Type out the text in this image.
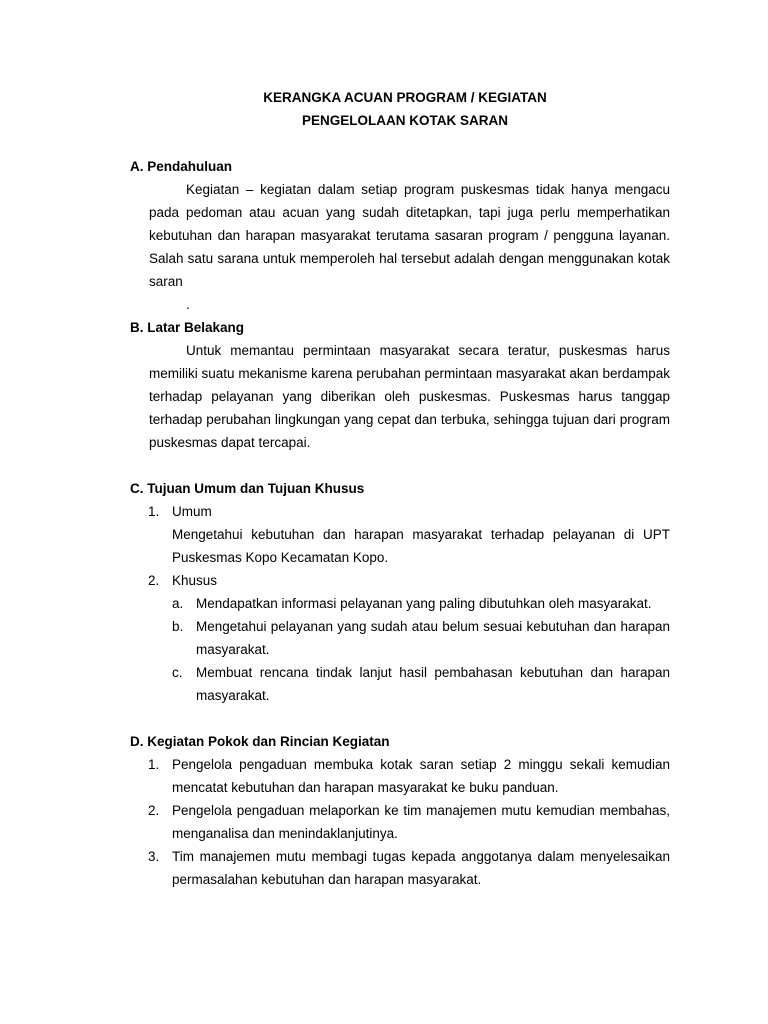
KERANGKA ACUAN PROGRAM / KEGIATAN

PENGELOLAAN KOTAK SARAN

A. Pendahuluan

Kegiatan – kegiatan dalam setiap program puskesmas tidak hanya mengacu pada pedoman atau acuan yang sudah ditetapkan, tapi juga perlu memperhatikan kebutuhan dan harapan masyarakat terutama sasaran program / pengguna layanan. Salah satu sarana untuk memperoleh hal tersebut adalah dengan menggunakan kotak saran

.

B. Latar Belakang

Untuk memantau permintaan masyarakat secara teratur, puskesmas harus memiliki suatu mekanisme karena perubahan permintaan masyarakat akan berdampak terhadap pelayanan yang diberikan oleh puskesmas. Puskesmas harus tanggap terhadap perubahan lingkungan yang cepat dan terbuka, sehingga tujuan dari program puskesmas dapat tercapai.

C. Tujuan Umum dan Tujuan Khusus

1. Umum

Mengetahui kebutuhan dan harapan masyarakat terhadap pelayanan di UPT Puskesmas Kopo Kecamatan Kopo.

2. Khusus

a. Mendapatkan informasi pelayanan yang paling dibutuhkan oleh masyarakat.
b. Mengetahui pelayanan yang sudah atau belum sesuai kebutuhan dan harapan masyarakat.
c. Membuat rencana tindak lanjut hasil pembahasan kebutuhan dan harapan masyarakat.

D. Kegiatan Pokok dan Rincian Kegiatan

1. Pengelola pengaduan membuka kotak saran setiap 2 minggu sekali kemudian mencatat kebutuhan dan harapan masyarakat ke buku panduan.
2. Pengelola pengaduan melaporkan ke tim manajemen mutu kemudian membahas, menganalisa dan menindaklanjutinya.
3. Tim manajemen mutu membagi tugas kepada anggotanya dalam menyelesaikan permasalahan kebutuhan dan harapan masyarakat.
